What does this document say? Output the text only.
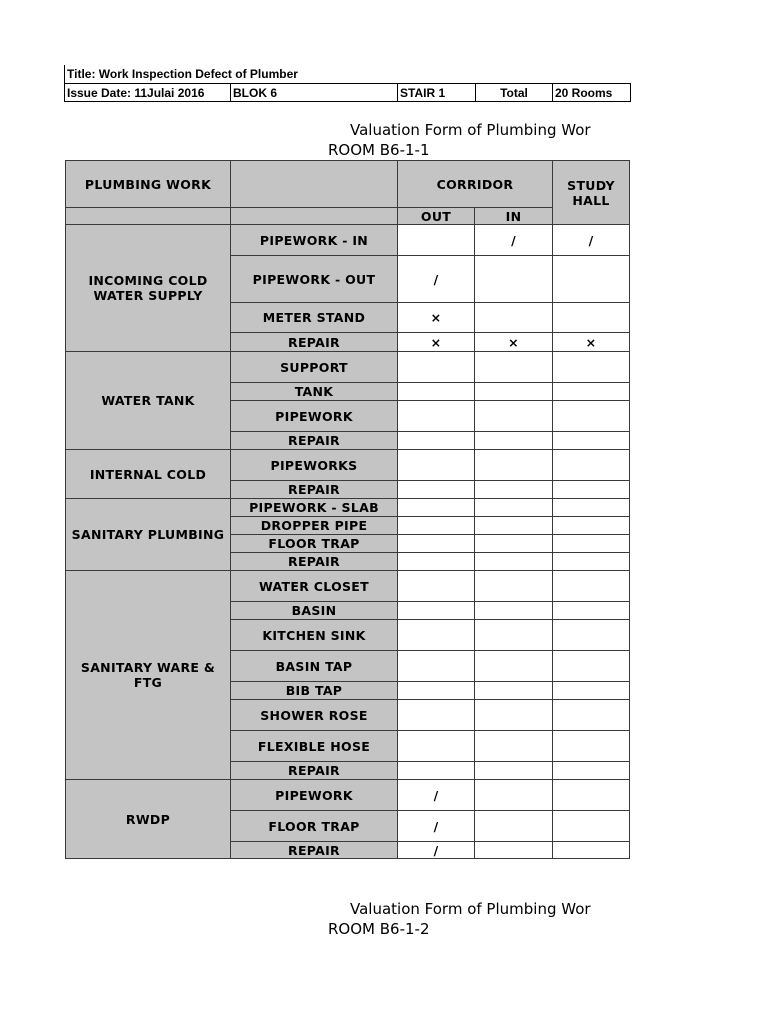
Title: Work Inspection Defect of Plumber
Issue Date: 11Julai 2016	BLOK 6	STAIR 1	Total	20 Rooms
Valuation Form of Plumbing Wor
ROOM B6-1-1
PLUMBING WORK		CORRIDOR		STUDY HALL
		OUT	IN	
INCOMING COLD WATER SUPPLY	PIPEWORK - IN		/	/
	PIPEWORK - OUT	/		
	METER STAND	×		
	REPAIR	×	×	×
WATER TANK	SUPPORT			
	TANK			
	PIPEWORK			
	REPAIR			
INTERNAL COLD	PIPEWORKS			
	REPAIR			
SANITARY PLUMBING	PIPEWORK - SLAB			
	DROPPER PIPE			
	FLOOR TRAP			
	REPAIR			
SANITARY WARE & FTG	WATER CLOSET			
	BASIN			
	KITCHEN SINK			
	BASIN TAP			
	BIB TAP			
	SHOWER ROSE			
	FLEXIBLE HOSE			
	REPAIR			
RWDP	PIPEWORK	/		
	FLOOR TRAP	/		
	REPAIR	/		
Valuation Form of Plumbing Wor
ROOM B6-1-2
